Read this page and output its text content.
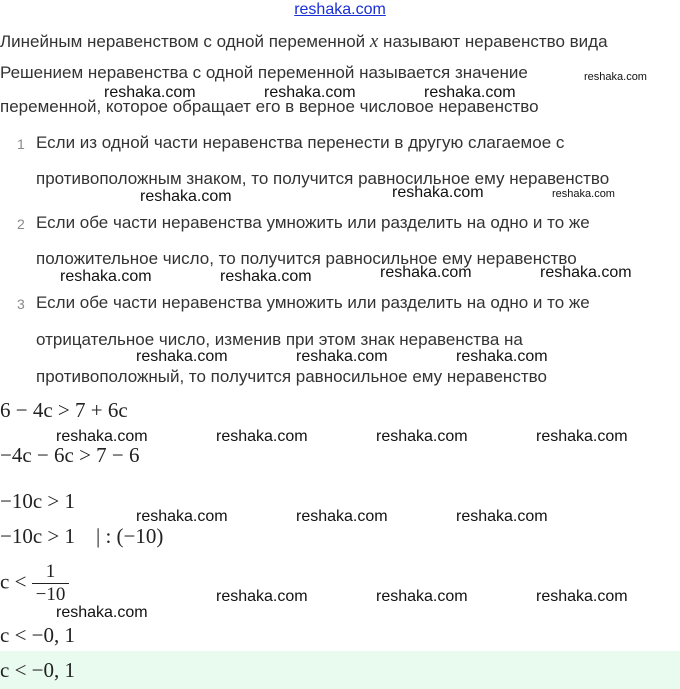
reshaka.com
Линейным неравенством с одной переменной x называют неравенство вида
Решением неравенства с одной переменной называется значение
переменной, которое обращает его в верное числовое неравенство
1 Если из одной части неравенства перенести в другую слагаемое с
противоположным знаком, то получится равносильное ему неравенство
2 Если обе части неравенства умножить или разделить на одно и то же
положительное число, то получится равносильное ему неравенство
3 Если обе части неравенства умножить или разделить на одно и то же
отрицательное число, изменив при этом знак неравенства на
противоположный, то получится равносильное ему неравенство
6 − 4c > 7 + 6c
−4c − 6c > 7 − 6
−10c > 1
−10c > 1    | : (−10)
$c < \frac{1}{-10}$
c < −0, 1
c < −0, 1
reshaka.com
reshaka.com	reshaka.com	reshaka.com
reshaka.com
reshaka.com	reshaka.com
reshaka.com	reshaka.com
reshaka.com	reshaka.com
reshaka.com	reshaka.com	reshaka.com
reshaka.com	reshaka.com	reshaka.com	reshaka.com
reshaka.com	reshaka.com	reshaka.com
reshaka.com	reshaka.com	reshaka.com
reshaka.com
